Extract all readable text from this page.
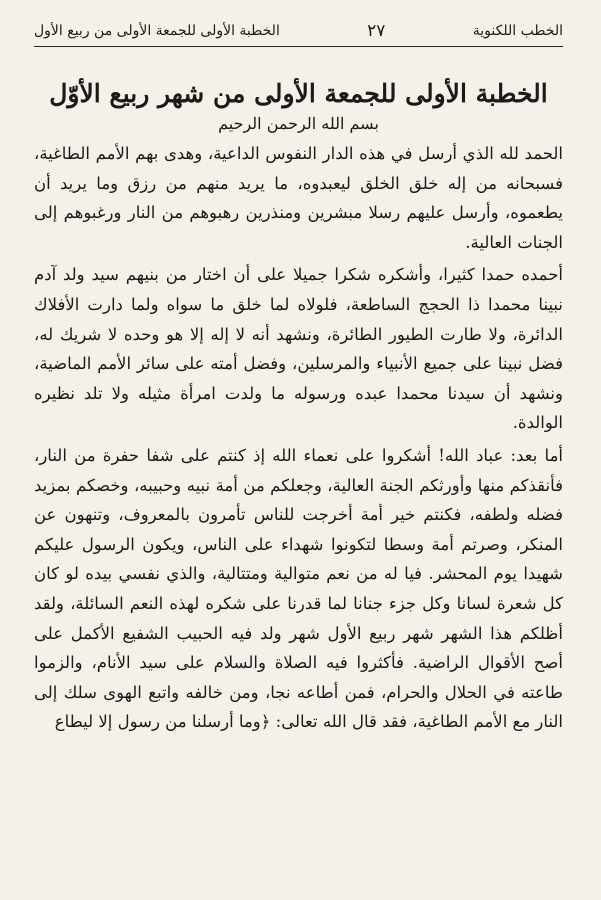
الخطبة الأولى للجمعة الأولى من ربيع الأول	٢٧	الخطب اللكنوية
الخطبة الأولى للجمعة الأولى من شهر ربيع الأوّل
بسم الله الرحمن الرحيم

الحمد لله الذي أرسل في هذه الدار النفوس الداعية، وهدى بهم الأمم الطاغية، فسبحانه من إله خلق الخلق ليعبدوه، ما يريد منهم من رزق وما يريد أن يطعموه، وأرسل عليهم رسلا مبشرين ومنذرين رهبوهم من النار ورغبوهم إلى الجنات العالية.

أحمده حمدا كثيرا، وأشكره شكرا جميلا على أن اختار من بنيهم سيد ولد آدم نبينا محمدا ذا الحجج الساطعة، فلولاه لما خلق ما سواه ولما دارت الأفلاك الدائرة، ولا طارت الطيور الطائرة، ونشهد أنه لا إله إلا هو وحده لا شريك له، فضل نبينا على جميع الأنبياء والمرسلين، وفضل أمته على سائر الأمم الماضية، ونشهد أن سيدنا محمدا عبده ورسوله ما ولدت امرأة مثيله ولا تلد نظيره الوالدة.

أما بعد: عباد الله! أشكروا على نعماء الله إذ كنتم على شفا حفرة من النار، فأنقذكم منها وأورثكم الجنة العالية، وجعلكم من أمة نبيه وحبيبه، وخصكم بمزيد فضله ولطفه، فكنتم خير أمة أخرجت للناس تأمرون بالمعروف، وتنهون عن المنكر، وصرتم أمة وسطا لتكونوا شهداء على الناس، ويكون الرسول عليكم شهيدا يوم المحشر. فيا له من نعم متوالية ومتتالية، والذي نفسي بيده لو كان كل شعرة لسانا وكل جزء جنانا لما قدرنا على شكره لهذه النعم السائلة، ولقد أظلكم هذا الشهر شهر ربيع الأول شهر ولد فيه الحبيب الشفيع الأكمل على أصح الأقوال الراضية. فأكثروا فيه الصلاة والسلام على سيد الأنام، والزموا طاعته في الحلال والحرام، فمن أطاعه نجا، ومن خالفه واتبع الهوى سلك إلى النار مع الأمم الطاغية، فقد قال الله تعالى: ﴿وما أرسلنا من رسول إلا ليطاع
